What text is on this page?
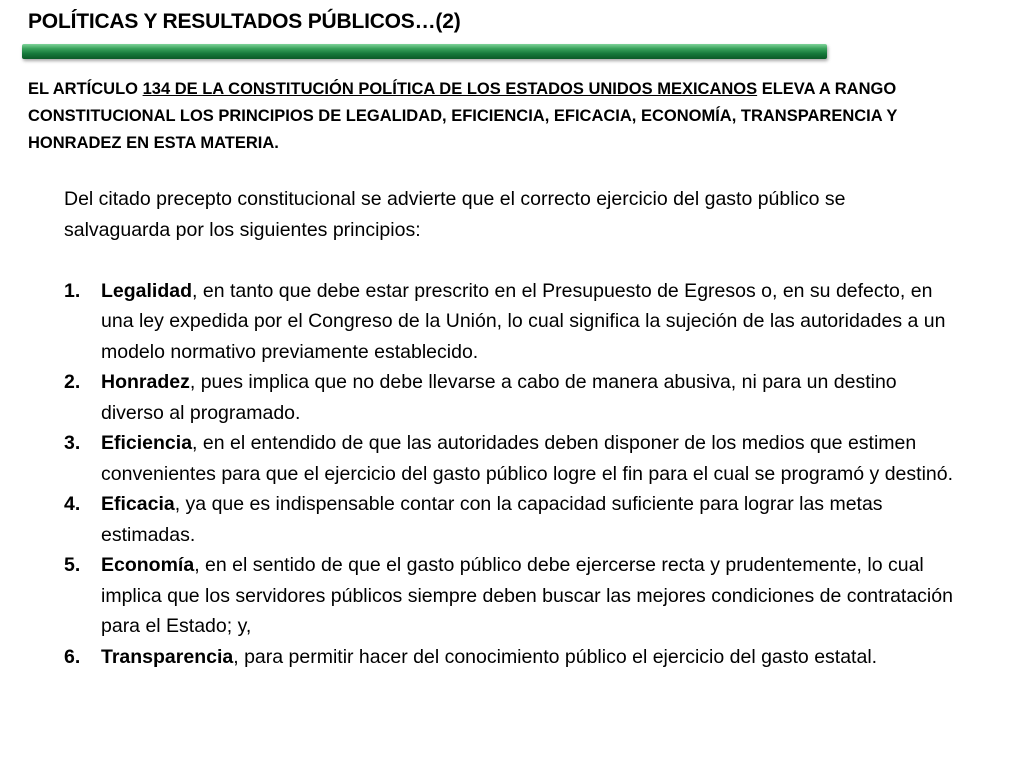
POLÍTICAS Y RESULTADOS PÚBLICOS…(2)
EL ARTÍCULO 134 DE LA CONSTITUCIÓN POLÍTICA DE LOS ESTADOS UNIDOS MEXICANOS ELEVA A RANGO CONSTITUCIONAL LOS PRINCIPIOS DE LEGALIDAD, EFICIENCIA, EFICACIA, ECONOMÍA, TRANSPARENCIA Y HONRADEZ EN ESTA MATERIA.

Del citado precepto constitucional se advierte que el correcto ejercicio del gasto público se salvaguarda por los siguientes principios:

1. Legalidad, en tanto que debe estar prescrito en el Presupuesto de Egresos o, en su defecto, en una ley expedida por el Congreso de la Unión, lo cual significa la sujeción de las autoridades a un modelo normativo previamente establecido.
2. Honradez, pues implica que no debe llevarse a cabo de manera abusiva, ni para un destino diverso al programado.
3. Eficiencia, en el entendido de que las autoridades deben disponer de los medios que estimen convenientes para que el ejercicio del gasto público logre el fin para el cual se programó y destinó.
4. Eficacia, ya que es indispensable contar con la capacidad suficiente para lograr las metas estimadas.
5. Economía, en el sentido de que el gasto público debe ejercerse recta y prudentemente, lo cual implica que los servidores públicos siempre deben buscar las mejores condiciones de contratación para el Estado; y,
6. Transparencia, para permitir hacer del conocimiento público el ejercicio del gasto estatal.
